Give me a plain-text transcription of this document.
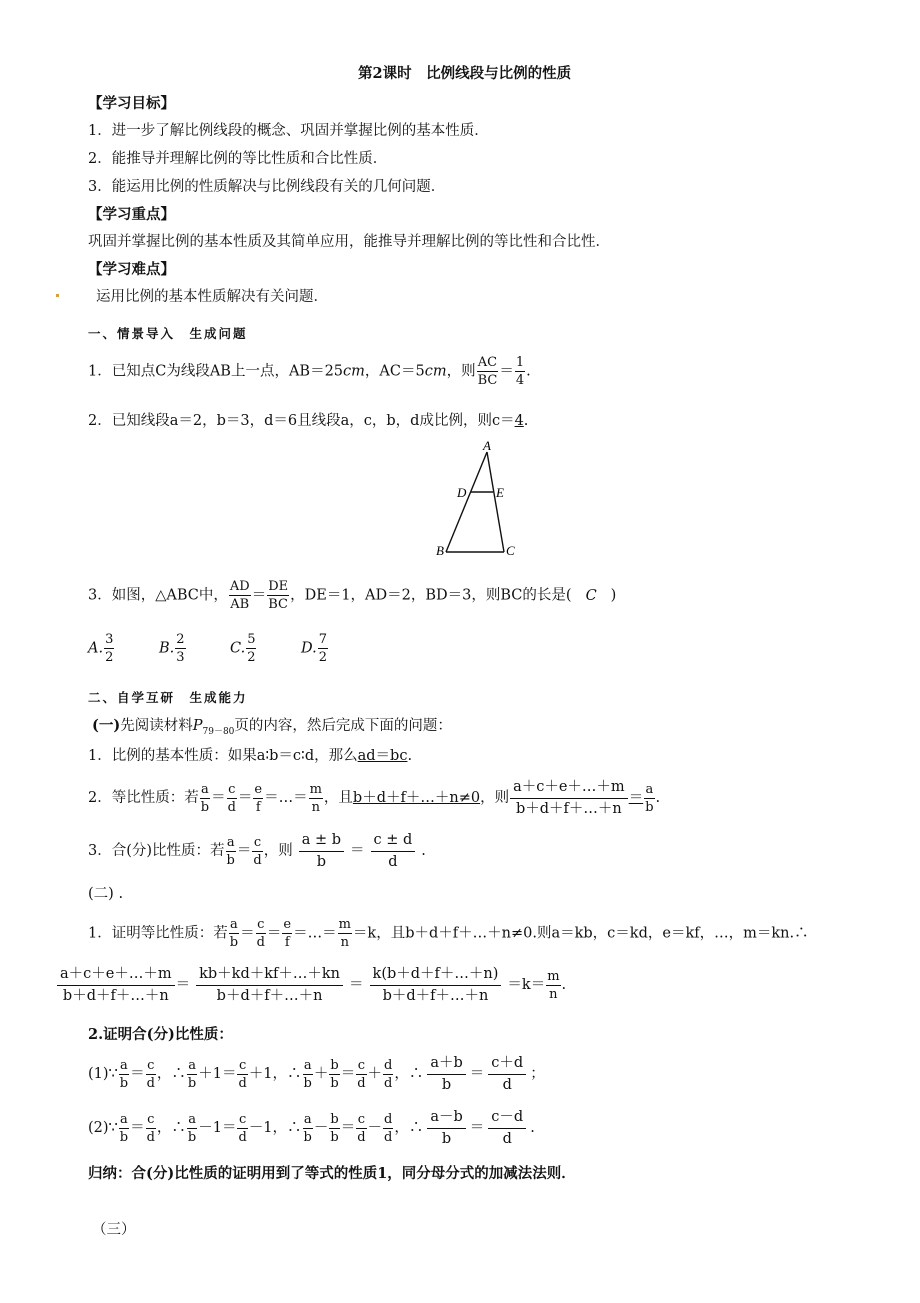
第2课时　比例线段与比例的性质
【学习目标】
1．进一步了解比例线段的概念、巩固并掌握比例的基本性质．
2．能推导并理解比例的等比性质和合比性质．
3．能运用比例的性质解决与比例线段有关的几何问题．
【学习重点】
巩固并掌握比例的基本性质及其简单应用，能推导并理解比例的等比性和合比性．
【学习难点】
运用比例的基本性质解决有关问题．
一、情景导入　生成问题
1．已知点C为线段AB上一点，AB＝25cm，AC＝5cm，则 $\frac{AC}{BC} = \frac{1}{4}$ .
2．已知线段a＝2，b＝3，d＝6且线段a，c，b，d成比例，则c＝4.
A
D E
B	C
3．如图，△ABC中， $\frac{AD}{AB} = \frac{DE}{BC}$ ，DE＝1，AD＝2，BD＝3，则BC的长是( C )
A. $\frac{3}{2}$	B. $\frac{2}{3}$	C. $\frac{5}{2}$	D. $\frac{7}{2}$
二、自学互研　生成能力
(一)先阅读材料$P_{79-80}$页的内容，然后完成下面的问题：
1．比例的基本性质：如果a∶b＝c∶d，那么ad＝bc.
2．等比性质：若 $\frac{a}{b} = \frac{c}{d} = \frac{e}{f}$ ＝…＝ $\frac{m}{n}$ ，且b＋d＋f＋…＋n≠0，则 $\frac{a+c+e+\dots+m}{b+d+f+\dots+n} = \frac{a}{b}$ .
3．合(分)比性质：若 $\frac{a}{b} = \frac{c}{d}$ ，则 $\frac{a \pm b}{b} = \frac{c \pm d}{d}$ .
(二) .
1．证明等比性质：若 $\frac{a}{b} = \frac{c}{d} = \frac{e}{f}$ ＝…＝ $\frac{m}{n} =k$，且b＋d＋f＋…＋n≠0.则a＝kb，c＝kd，e＝kf，…，m＝kn.∴
$\frac{a+c+e+\dots+m}{b+d+f+\dots+n} = \frac{kb+kd+kf+\dots+kn}{b+d+f+\dots+n} = \frac{k(b+d+f+\dots+n)}{b+d+f+\dots+n} =k= \frac{m}{n}$ .
2.证明合(分)比性质：
(1)∵ $\frac{a}{b} = \frac{c}{d}$ ，∴ $\frac{a}{b} +1= \frac{c}{d} +1$，∴ $\frac{a}{b} + \frac{b}{b} = \frac{c}{d} + \frac{d}{d}$ ，∴ $\frac{a+b}{b} = \frac{c+d}{d}$ ；
(2)∵ $\frac{a}{b} = \frac{c}{d}$ ，∴ $\frac{a}{b} -1= \frac{c}{d} -1$，∴ $\frac{a}{b} - \frac{b}{b} = \frac{c}{d} - \frac{d}{d}$ ，∴ $\frac{a-b}{b} = \frac{c-d}{d}$ .
归纳：合(分)比性质的证明用到了等式的性质1，同分母分式的加减法法则．
（三）
